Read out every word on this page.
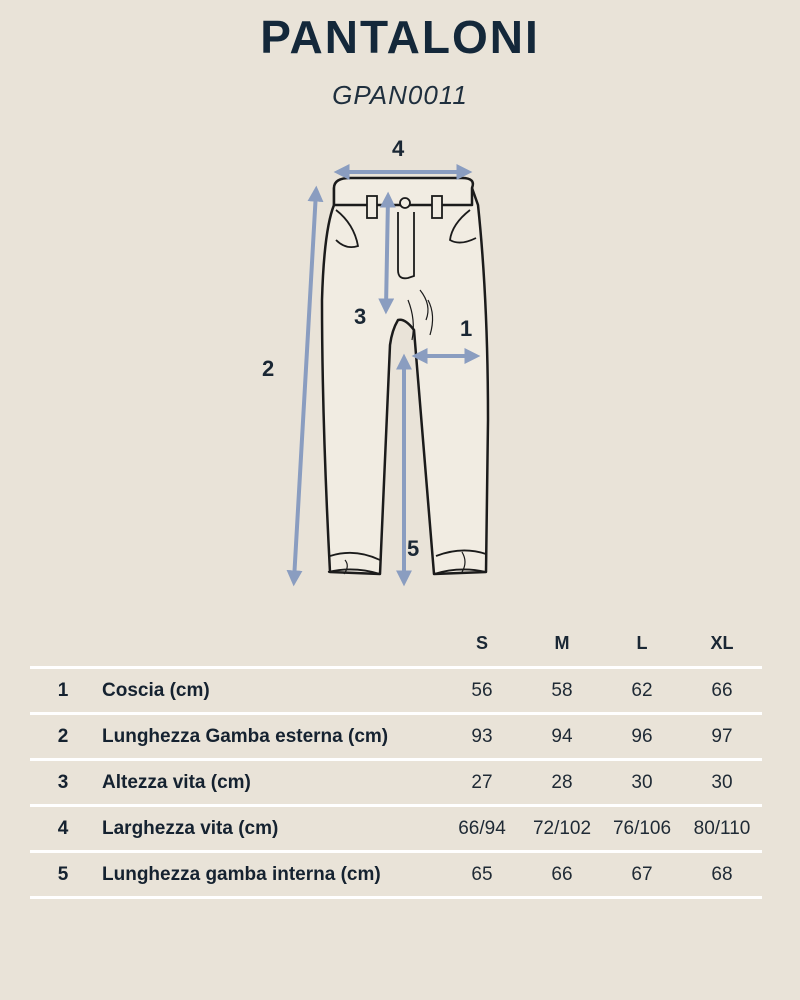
PANTALONI
GPAN0011
4
2
3	1
5
		S	M	L	XL
1	Coscia (cm)	56	58	62	66
2	Lunghezza Gamba esterna (cm)	93	94	96	97
3	Altezza vita (cm)	27	28	30	30
4	Larghezza vita (cm)	66/94	72/102	76/106	80/110
5	Lunghezza gamba interna (cm)	65	66	67	68
